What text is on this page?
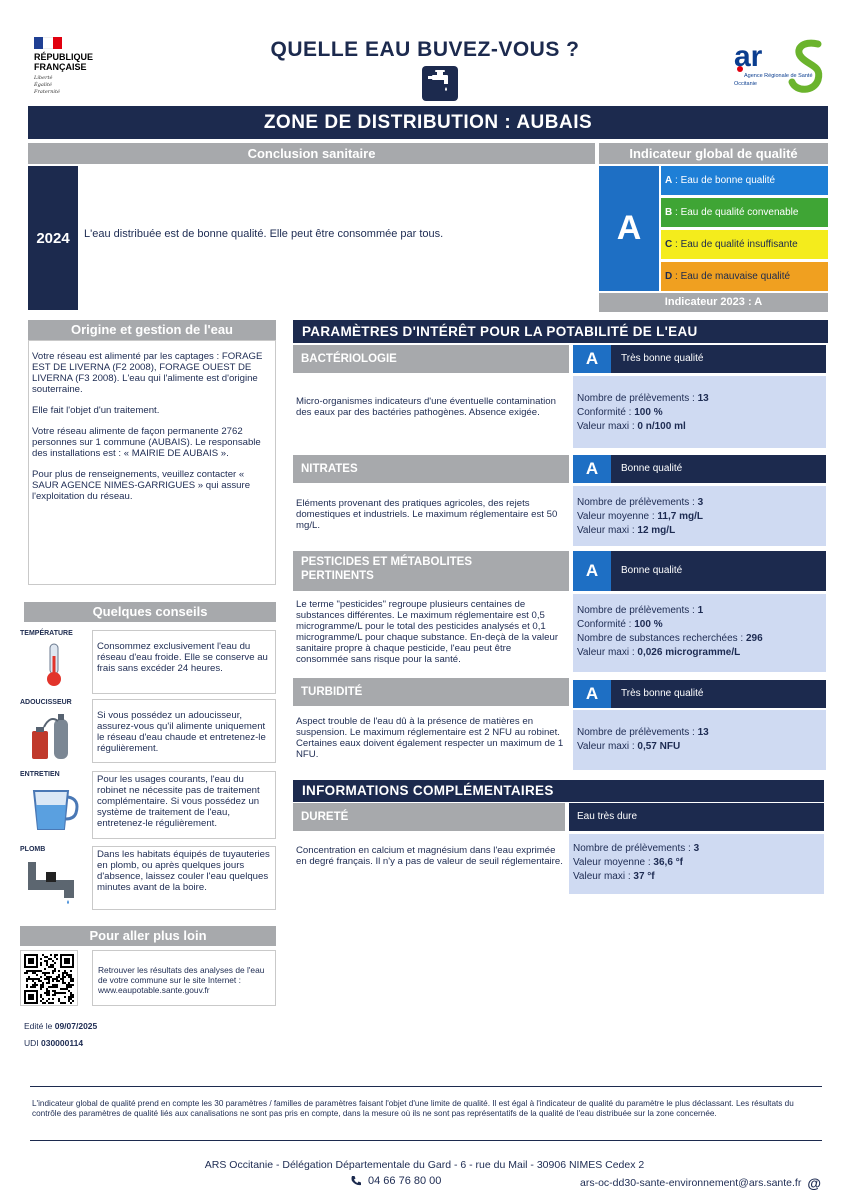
RÉPUBLIQUE
FRANÇAISE
Liberté
Égalité
Fraternité
QUELLE EAU BUVEZ-VOUS ?	ar
Agence Régionale de Santé
Occitanie
ZONE DE DISTRIBUTION : AUBAIS
Conclusion sanitaire	Indicateur global de qualité
2024	L'eau distribuée est de bonne qualité. Elle peut être consommée par tous.	A
A : Eau de bonne qualité
B : Eau de qualité convenable
C : Eau de qualité insuffisante
D : Eau de mauvaise qualité
Indicateur 2023 : A
Origine et gestion de l'eau

Votre réseau est alimenté par les captages : FORAGE EST DE LIVERNA (F2 2008), FORAGE OUEST DE LIVERNA (F3 2008). L'eau qui l'alimente est d'origine souterraine.

Elle fait l'objet d'un traitement.

Votre réseau alimente de façon permanente 2762 personnes sur 1 commune (AUBAIS). Le responsable des installations est : « MAIRIE DE AUBAIS ».

Pour plus de renseignements, veuillez contacter « SAUR AGENCE NIMES-GARRIGUES » qui assure l'exploitation du réseau.

Quelques conseils
TEMPÉRATURE
Consommez exclusivement l'eau du réseau d'eau froide. Elle se conserve au frais sans excéder 24 heures.
ADOUCISSEUR
Si vous possédez un adoucisseur, assurez-vous qu'il alimente uniquement le réseau d'eau chaude et entretenez-le régulièrement.
ENTRETIEN	Pour les usages courants, l'eau du robinet ne nécessite pas de traitement complémentaire. Si vous possédez un système de traitement de l'eau, entretenez-le régulièrement.
PLOMB	Dans les habitats équipés de tuyauteries en plomb, ou après quelques jours d'absence, laissez couler l'eau quelques minutes avant de la boire.
Pour aller plus loin
Retrouver les résultats des analyses de l'eau de votre commune sur le site Internet : www.eaupotable.sante.gouv.fr
Edité le 09/07/2025
UDI 030000114
PARAMÈTRES D'INTÉRÊT POUR LA POTABILITÉ DE L'EAU
BACTÉRIOLOGIE	A	Très bonne qualité
Micro-organismes indicateurs d'une éventuelle contamination des eaux par des bactéries pathogènes. Absence exigée.
Nombre de prélèvements : 13
Conformité : 100 %
Valeur maxi : 0 n/100 ml
NITRATES	A	Bonne qualité
Eléments provenant des pratiques agricoles, des rejets domestiques et industriels. Le maximum réglementaire est 50 mg/L.
Nombre de prélèvements : 3
Valeur moyenne : 11,7 mg/L
Valeur maxi : 12 mg/L
PESTICIDES ET MÉTABOLITES
PERTINENTS	A	Bonne qualité
Le terme "pesticides" regroupe plusieurs centaines de substances différentes. Le maximum réglementaire est 0,5 microgramme/L pour le total des pesticides analysés et 0,1 microgramme/L pour chaque substance. En-deçà de la valeur sanitaire propre à chaque pesticide, l'eau peut être consommée sans risque pour la santé.
Nombre de prélèvements : 1
Conformité : 100 %
Nombre de substances recherchées : 296
Valeur maxi : 0,026 microgramme/L
TURBIDITÉ	A	Très bonne qualité
Aspect trouble de l'eau dû à la présence de matières en suspension. Le maximum réglementaire est 2 NFU au robinet. Certaines eaux doivent également respecter un maximum de 1 NFU.
Nombre de prélèvements : 13
Valeur maxi : 0,57 NFU
INFORMATIONS COMPLÉMENTAIRES
DURETÉ	Eau très dure
Concentration en calcium et magnésium dans l'eau exprimée en degré français. Il n'y a pas de valeur de seuil réglementaire.
Nombre de prélèvements : 3
Valeur moyenne : 36,6 °f
Valeur maxi : 37 °f
L'indicateur global de qualité prend en compte les 30 paramètres / familles de paramètres faisant l'objet d'une limite de qualité. Il est égal à l'indicateur de qualité du paramètre le plus déclassant. Les résultats du contrôle des paramètres de qualité liés aux canalisations ne sont pas pris en compte, dans la mesure où ils ne sont pas représentatifs de la qualité de l'eau distribuée sur la zone concernée.
ARS Occitanie - Délégation Départementale du Gard - 6 - rue du Mail - 30906 NIMES Cedex 2
04 66 76 80 00	ars-oc-dd30-sante-environnement@ars.sante.fr @
